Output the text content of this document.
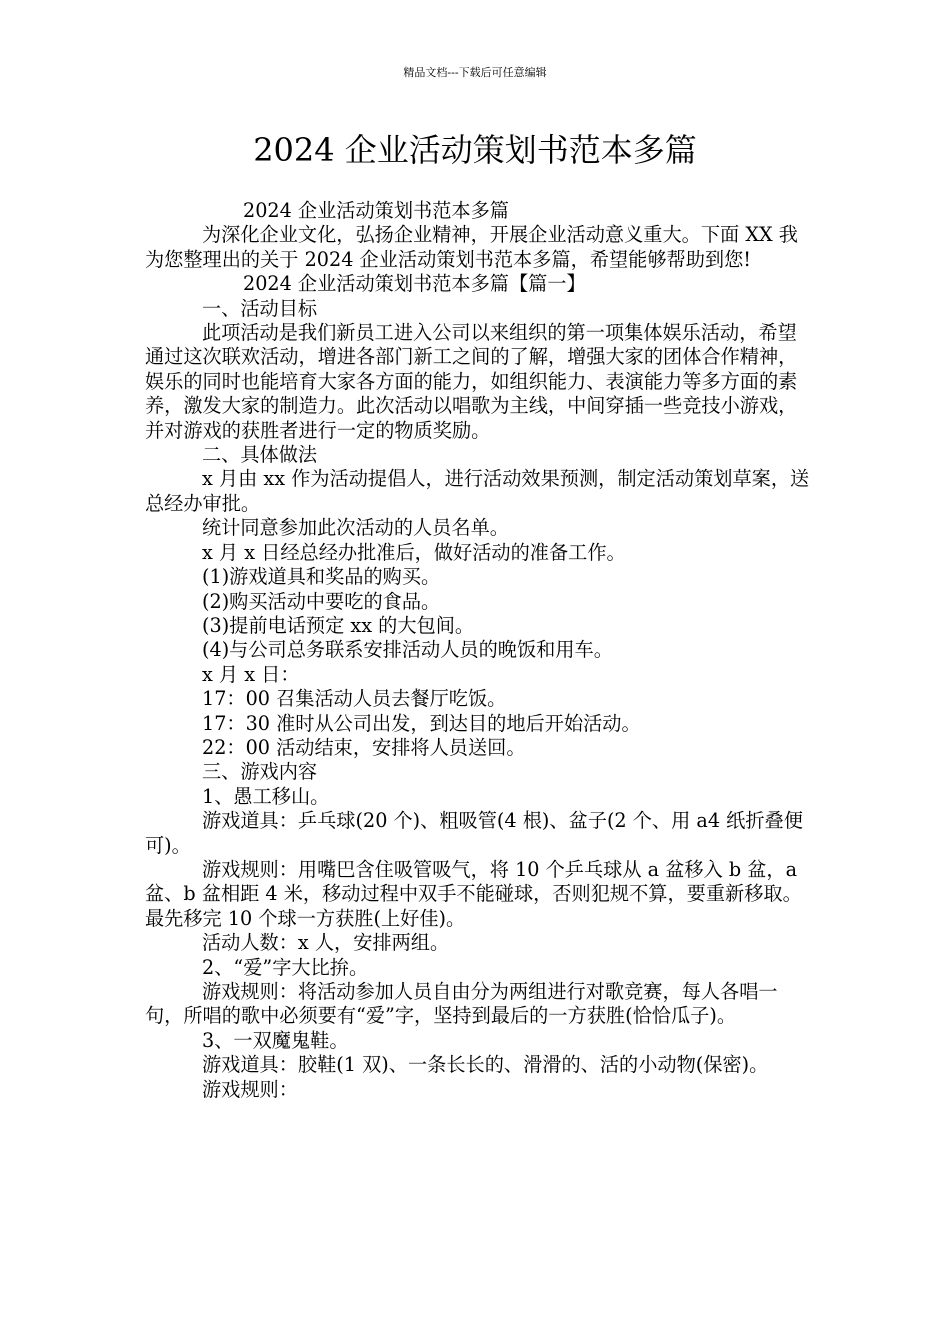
精品文档---下载后可任意编辑
2024 企业活动策划书范本多篇

2024 企业活动策划书范本多篇

为深化企业文化，弘扬企业精神，开展企业活动意义重大。下面 XX 我为您整理出的关于 2024 企业活动策划书范本多篇，希望能够帮助到您!

2024 企业活动策划书范本多篇【篇一】

一、活动目标

此项活动是我们新员工进入公司以来组织的第一项集体娱乐活动，希望通过这次联欢活动，增进各部门新工之间的了解，增强大家的团体合作精神，娱乐的同时也能培育大家各方面的能力，如组织能力、表演能力等多方面的素养，激发大家的制造力。此次活动以唱歌为主线，中间穿插一些竞技小游戏，并对游戏的获胜者进行一定的物质奖励。

二、具体做法

x 月由 xx 作为活动提倡人，进行活动效果预测，制定活动策划草案，送总经办审批。

统计同意参加此次活动的人员名单。

x 月 x 日经总经办批准后，做好活动的准备工作。

(1)游戏道具和奖品的购买。

(2)购买活动中要吃的食品。

(3)提前电话预定 xx 的大包间。

(4)与公司总务联系安排活动人员的晚饭和用车。

x 月 x 日：

17：00 召集活动人员去餐厅吃饭。

17：30 准时从公司出发，到达目的地后开始活动。

22：00 活动结束，安排将人员送回。

三、游戏内容

1、愚工移山。

游戏道具：乒乓球(20 个)、粗吸管(4 根)、盆子(2 个、用 a4 纸折叠便可)。

游戏规则：用嘴巴含住吸管吸气，将 10 个乒乓球从 a 盆移入 b 盆，a 盆、b 盆相距 4 米，移动过程中双手不能碰球，否则犯规不算，要重新移取。最先移完 10 个球一方获胜(上好佳)。

活动人数：x 人，安排两组。

2、“爱”字大比拚。

游戏规则：将活动参加人员自由分为两组进行对歌竞赛，每人各唱一句，所唱的歌中必须要有“爱”字，坚持到最后的一方获胜(恰恰瓜子)。

3、一双魔鬼鞋。

游戏道具：胶鞋(1 双)、一条长长的、滑滑的、活的小动物(保密)。

游戏规则：
